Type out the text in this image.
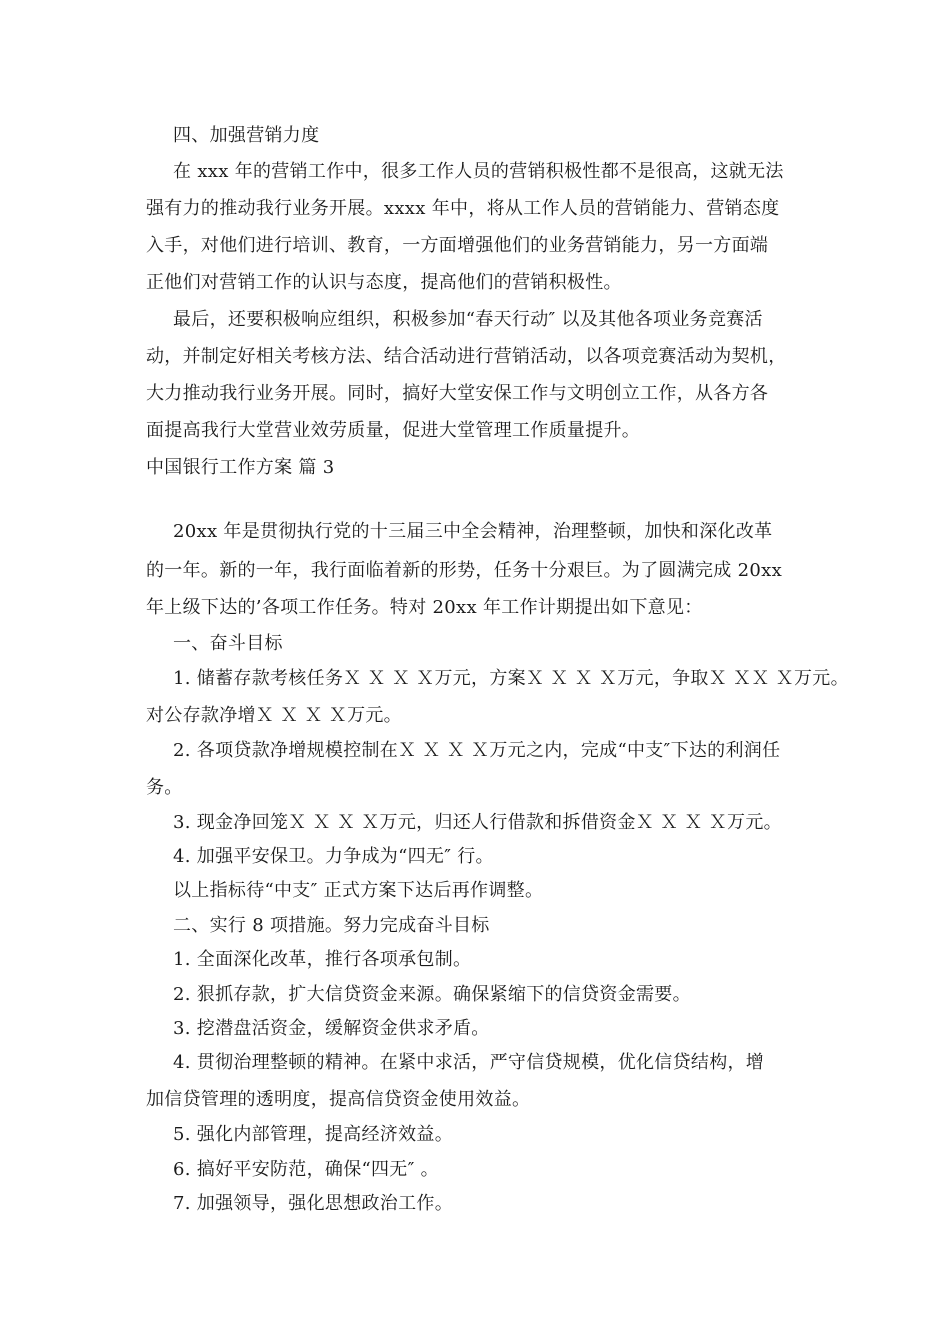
四、加强营销力度
在 xxx 年的营销工作中，很多工作人员的营销积极性都不是很高，这就无法
强有力的推动我行业务开展。xxxx 年中，将从工作人员的营销能力、营销态度
入手，对他们进行培训、教育，一方面增强他们的业务营销能力，另一方面端
正他们对营销工作的认识与态度，提高他们的营销积极性。
最后，还要积极响应组织，积极参加“春天行动″ 以及其他各项业务竞赛活
动，并制定好相关考核方法、结合活动进行营销活动，以各项竞赛活动为契机，
大力推动我行业务开展。同时，搞好大堂安保工作与文明创立工作，从各方各
面提高我行大堂营业效劳质量，促进大堂管理工作质量提升。
中国银行工作方案 篇 3
20xx 年是贯彻执行党的十三届三中全会精神，治理整顿，加快和深化改革
的一年。新的一年，我行面临着新的形势，任务十分艰巨。为了圆满完成 20xx
年上级下达的’各项工作任务。特对 20xx 年工作计期提出如下意见：
一、奋斗目标
1. 储蓄存款考核任务Ｘ Ｘ Ｘ Ｘ万元，方案Ｘ Ｘ Ｘ Ｘ万元，争取Ｘ ＸＸ Ｘ万元。
对公存款净增Ｘ Ｘ Ｘ Ｘ万元。
2. 各项贷款净增规模控制在Ｘ Ｘ Ｘ Ｘ万元之内，完成“中支″下达的利润任
务。
3. 现金净回笼Ｘ Ｘ Ｘ Ｘ万元，归还人行借款和拆借资金Ｘ Ｘ Ｘ Ｘ万元。
4. 加强平安保卫。力争成为“四无″ 行。
以上指标待“中支″ 正式方案下达后再作调整。
二、实行 8 项措施。努力完成奋斗目标
1. 全面深化改革，推行各项承包制。
2. 狠抓存款，扩大信贷资金来源。确保紧缩下的信贷资金需要。
3. 挖潜盘活资金，缓解资金供求矛盾。
4. 贯彻治理整顿的精神。在紧中求活，严守信贷规模，优化信贷结构，增
加信贷管理的透明度，提高信贷资金使用效益。
5. 强化内部管理，提高经济效益。
6. 搞好平安防范，确保“四无″ 。
7. 加强领导，强化思想政治工作。
